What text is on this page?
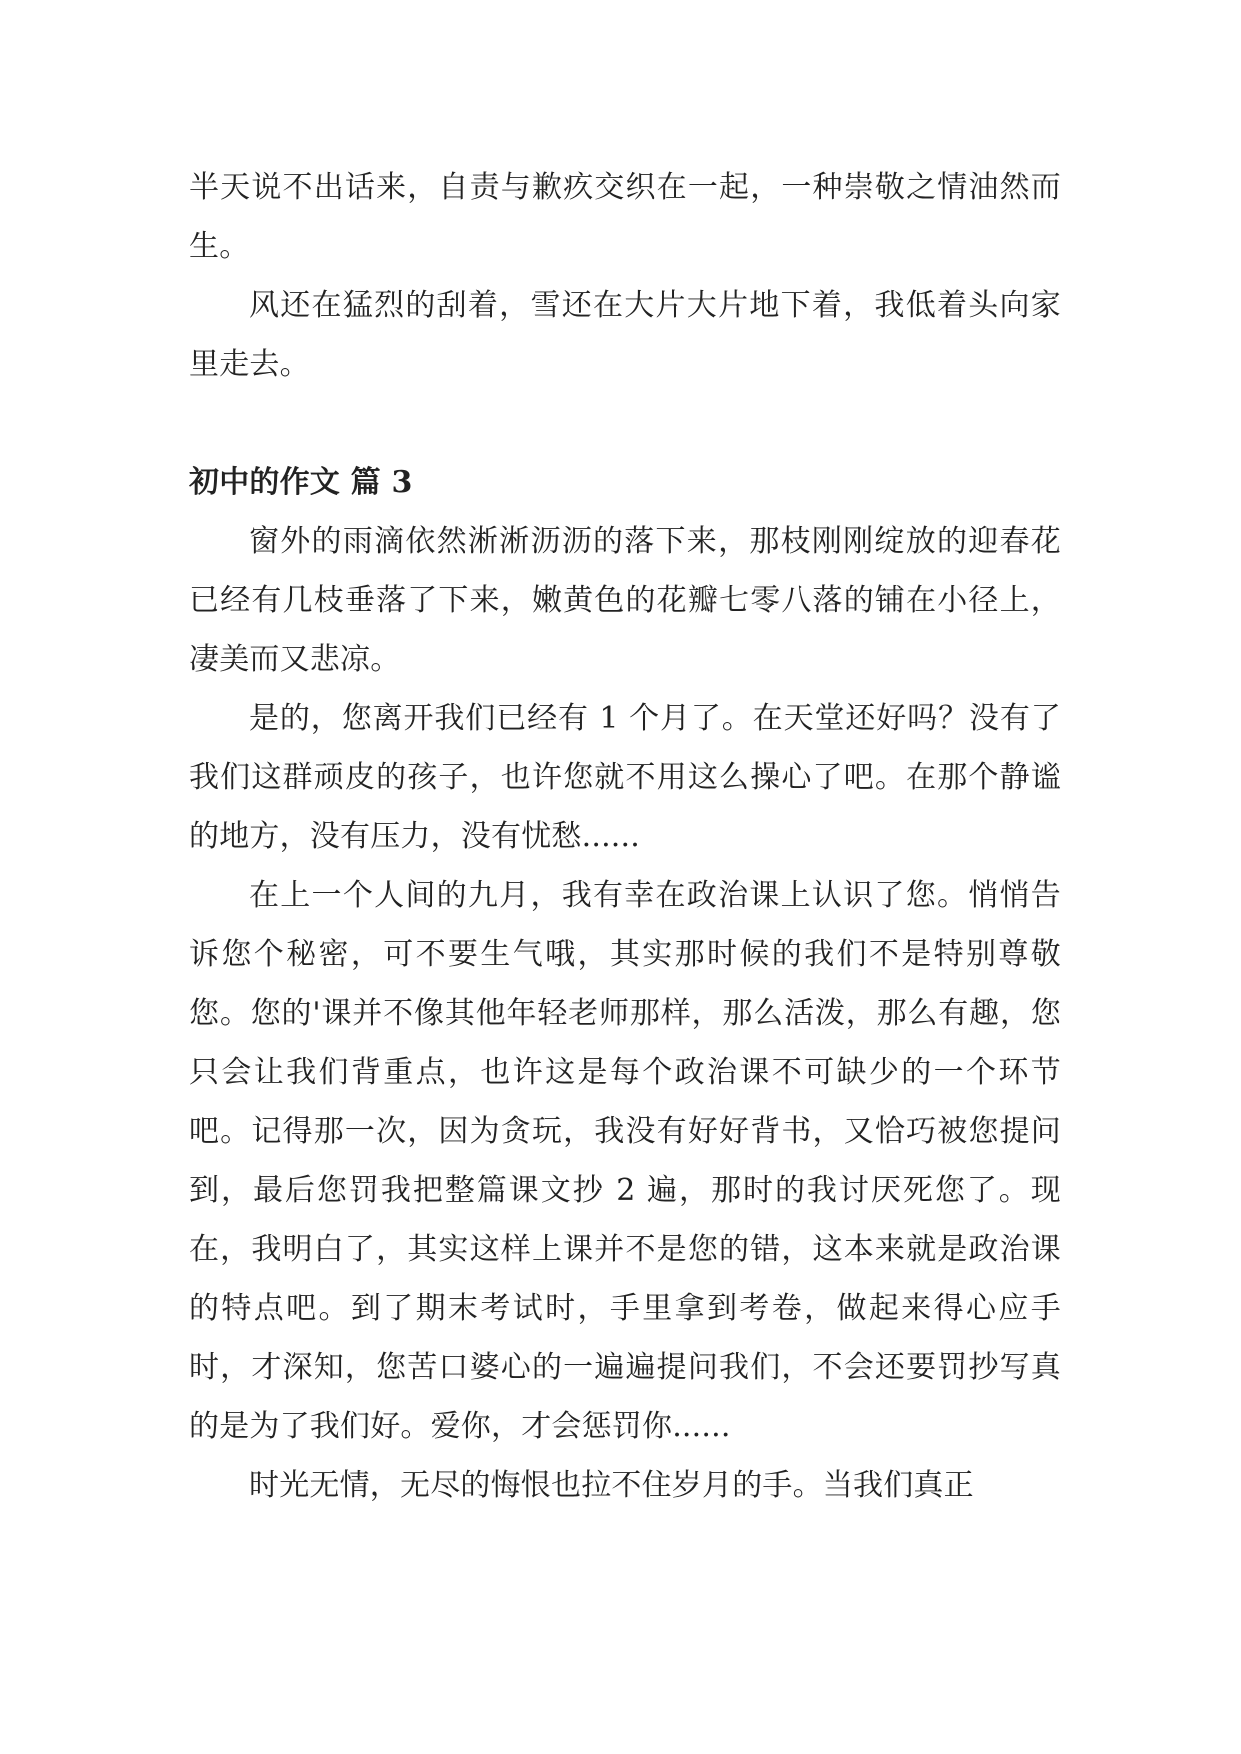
半天说不出话来，自责与歉疚交织在一起，一种崇敬之情油然而生。

风还在猛烈的刮着，雪还在大片大片地下着，我低着头向家里走去。

初中的作文 篇 3

窗外的雨滴依然淅淅沥沥的落下来，那枝刚刚绽放的迎春花已经有几枝垂落了下来，嫩黄色的花瓣七零八落的铺在小径上，凄美而又悲凉。

是的，您离开我们已经有 1 个月了。在天堂还好吗？没有了我们这群顽皮的孩子，也许您就不用这么操心了吧。在那个静谧的地方，没有压力，没有忧愁......

在上一个人间的九月，我有幸在政治课上认识了您。悄悄告诉您个秘密，可不要生气哦，其实那时候的我们不是特别尊敬您。您的'课并不像其他年轻老师那样，那么活泼，那么有趣，您只会让我们背重点，也许这是每个政治课不可缺少的一个环节吧。记得那一次，因为贪玩，我没有好好背书，又恰巧被您提问到，最后您罚我把整篇课文抄 2 遍，那时的我讨厌死您了。现在，我明白了，其实这样上课并不是您的错，这本来就是政治课的特点吧。到了期末考试时，手里拿到考卷，做起来得心应手时，才深知，您苦口婆心的一遍遍提问我们，不会还要罚抄写真的是为了我们好。爱你，才会惩罚你......

时光无情，无尽的悔恨也拉不住岁月的手。当我们真正
